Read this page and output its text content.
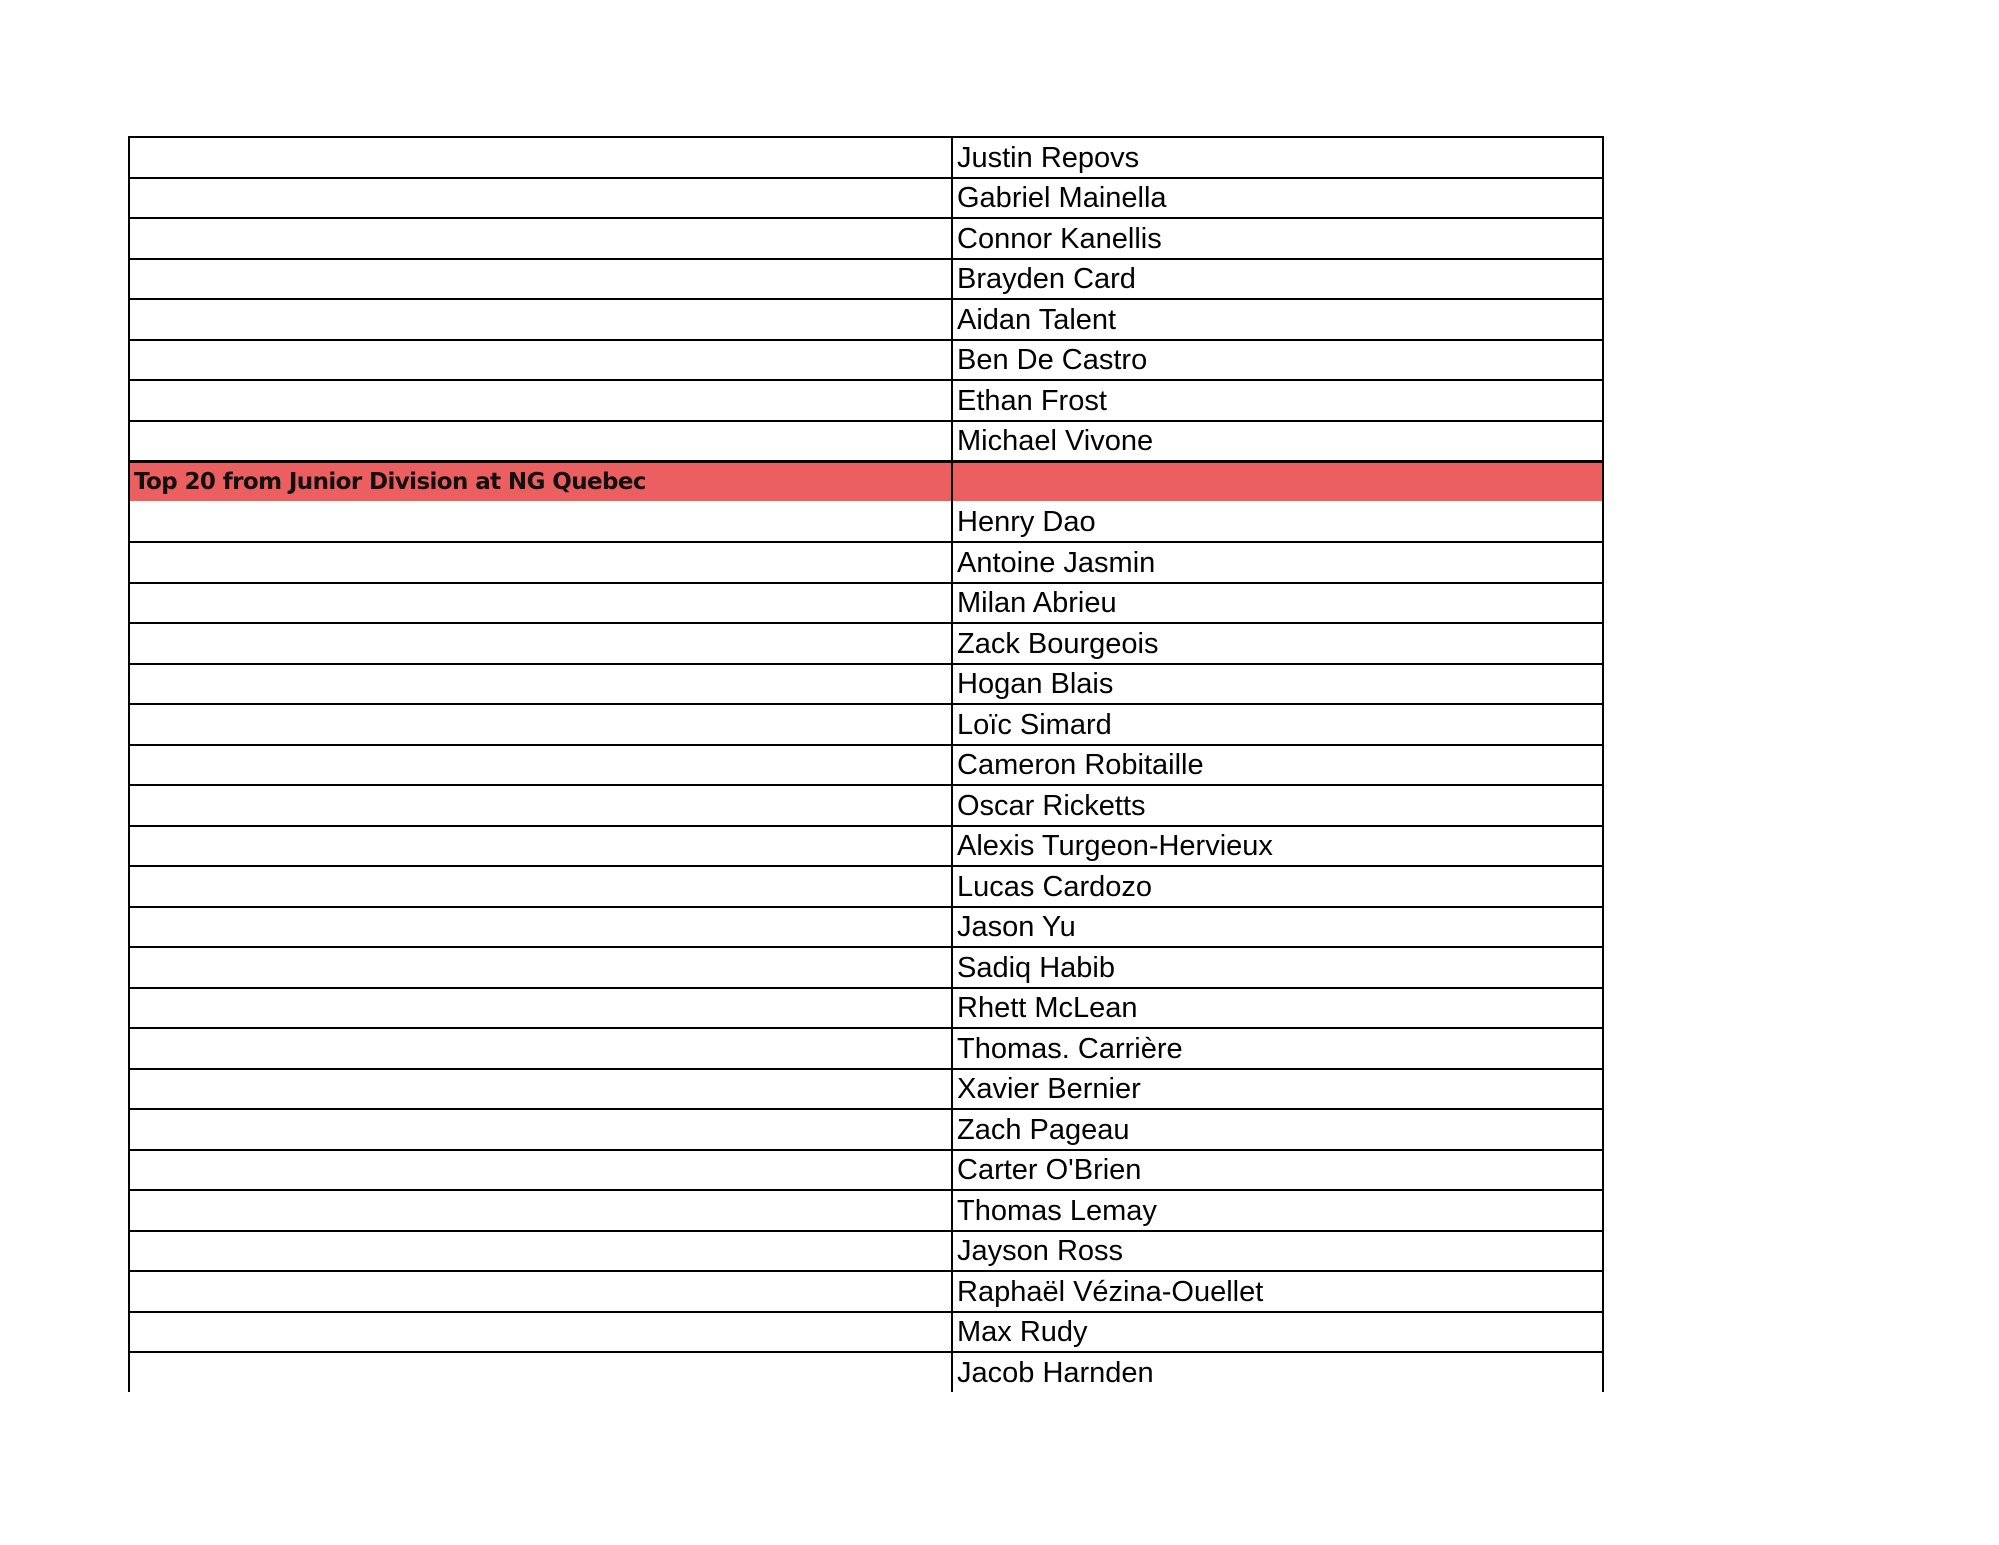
Justin Repovs
Gabriel Mainella
Connor Kanellis
Brayden Card
Aidan Talent
Ben De Castro
Ethan Frost
Michael Vivone
Top 20 from Junior Division at NG Quebec
Henry Dao
Antoine Jasmin
Milan Abrieu
Zack Bourgeois
Hogan Blais
Loïc Simard
Cameron Robitaille
Oscar Ricketts
Alexis Turgeon-Hervieux
Lucas Cardozo
Jason Yu
Sadiq Habib
Rhett McLean
Thomas. Carrière
Xavier Bernier
Zach Pageau
Carter O'Brien
Thomas Lemay
Jayson Ross
Raphaël Vézina-Ouellet
Max Rudy
Jacob Harnden
